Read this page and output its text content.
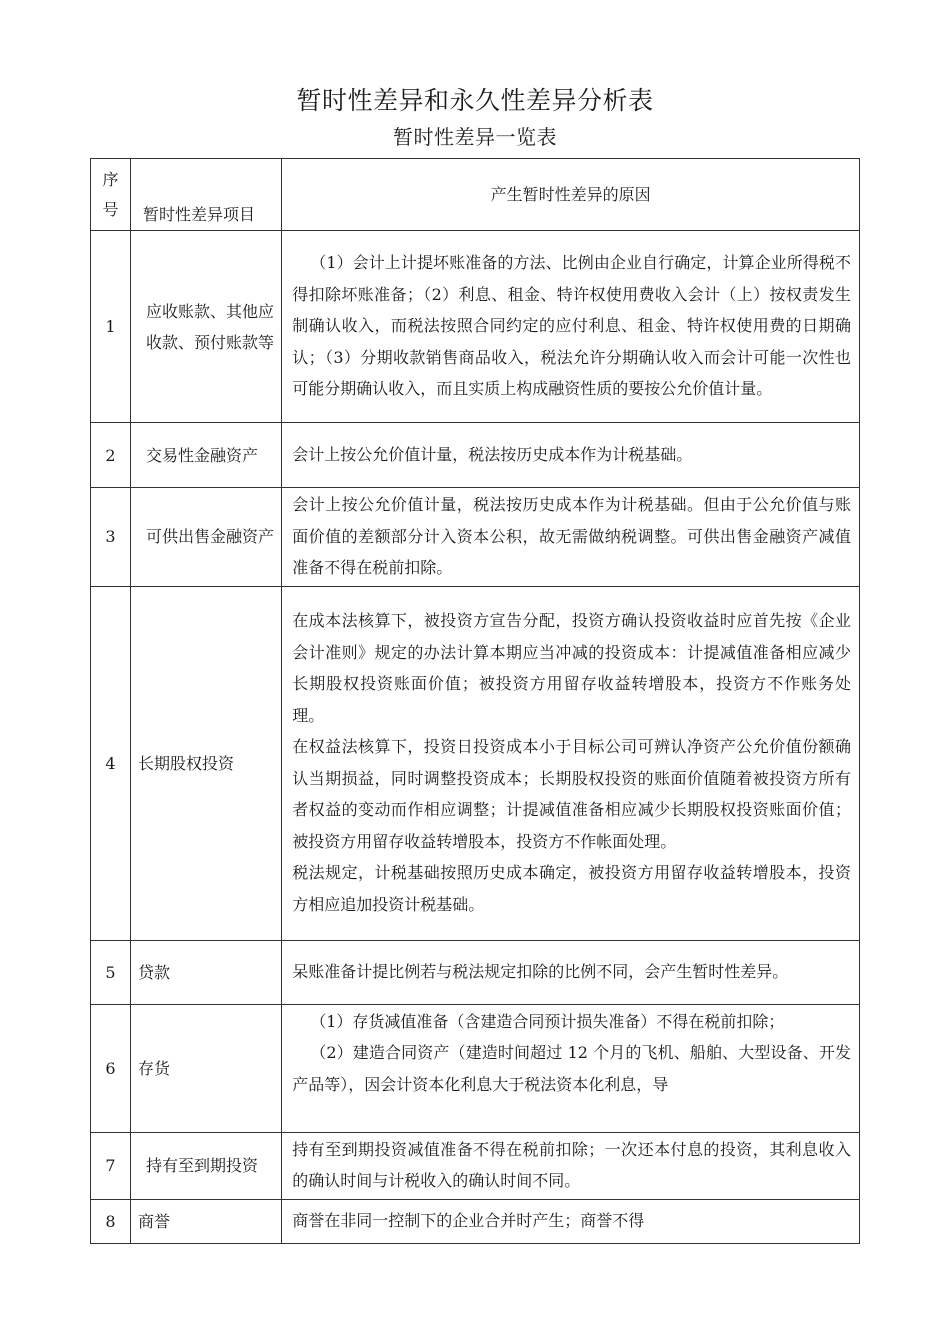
暂时性差异和永久性差异分析表
暂时性差异一览表
序号	暂时性差异项目	产生暂时性差异的原因
1	应收账款、其他应收款、预付账款等	（1）会计上计提坏账准备的方法、比例由企业自行确定，计算企业所得税不得扣除坏账准备；（2）利息、租金、特许权使用费收入会计（上）按权责发生制确认收入，而税法按照合同约定的应付利息、租金、特许权使用费的日期确认；（3）分期收款销售商品收入，税法允许分期确认收入而会计可能一次性也可能分期确认收入，而且实质上构成融资性质的要按公允价值计量。

2	交易性金融资产	会计上按公允价值计量，税法按历史成本作为计税基础。

3	可供出售金融资产	会计上按公允价值计量，税法按历史成本作为计税基础。但由于公允价值与账面价值的差额部分计入资本公积，故无需做纳税调整。可供出售金融资产减值准备不得在税前扣除。

4	长期股权投资	在成本法核算下，被投资方宣告分配，投资方确认投资收益时应首先按《企业会计准则》规定的办法计算本期应当冲减的投资成本：计提减值准备相应减少长期股权投资账面价值；被投资方用留存收益转增股本，投资方不作账务处理。

在权益法核算下，投资日投资成本小于目标公司可辨认净资产公允价值份额确认当期损益，同时调整投资成本；长期股权投资的账面价值随着被投资方所有者权益的变动而作相应调整；计提减值准备相应减少长期股权投资账面价值；被投资方用留存收益转增股本，投资方不作帐面处理。

税法规定，计税基础按照历史成本确定，被投资方用留存收益转增股本，投资方相应追加投资计税基础。

5	贷款	呆账准备计提比例若与税法规定扣除的比例不同，会产生暂时性差异。

6	存货	（1）存货减值准备（含建造合同预计损失准备）不得在税前扣除；

（2）建造合同资产（建造时间超过 12 个月的飞机、船舶、大型设备、开发产品等），因会计资本化利息大于税法资本化利息，导

7	持有至到期投资	持有至到期投资减值准备不得在税前扣除；一次还本付息的投资，其利息收入的确认时间与计税收入的确认时间不同。

8	商誉	商誉在非同一控制下的企业合并时产生；商誉不得
